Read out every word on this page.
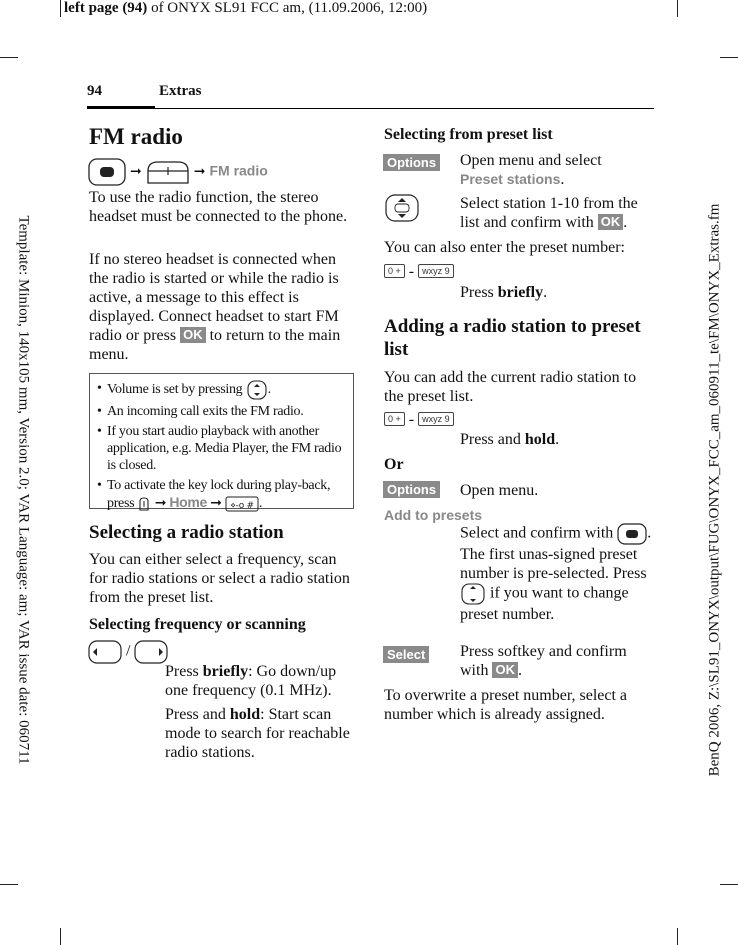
left page (94) of ONYX SL91 FCC am, (11.09.2006, 12:00)
Template: Minion, 140x105 mm, Version 2.0; VAR Language: am; VAR issue date: 060711	BenQ 2006, Z:\SL91_ONYX\output\FUG\ONYX_FCC_am_060911_te\FM\ONYX_Extras.fm
94	Extras
FM radio
➞	➞ FM radio
To use the radio function, the stereo headset must be connected to the phone.
If no stereo headset is connected when the radio is started or while the radio is active, a message to this effect is displayed. Connect headset to start FM radio or press OK to return to the main menu.
• Volume is set by pressing .
• An incoming call exits the FM radio.
• If you start audio playback with another application, e.g. Media Player, the FM radio is closed.
• To activate the key lock during play-back, press ➞ Home ➞ ⋄-o # .
Selecting a radio station
You can either select a frequency, scan for radio stations or select a radio station from the preset list.
Selecting frequency or scanning
/
Press briefly: Go down/up one frequency (0.1 MHz).
Press and hold: Start scan mode to search for reachable radio stations.
Selecting from preset list
Options Open menu and select
Preset stations.
Select station 1-10 from the list and confirm with OK .
You can also enter the preset number:
0 + - wxyz 9
Press briefly.
Adding a radio station to preset list
You can add the current radio station to the preset list.
0 + - wxyz 9
Press and hold.
Or
Options Open menu.
Add to presets
Select and confirm with . The first unas-signed preset number is pre-selected. Press  if you want to change preset number.
Select Press softkey and confirm with OK .
To overwrite a preset number, select a number which is already assigned.
